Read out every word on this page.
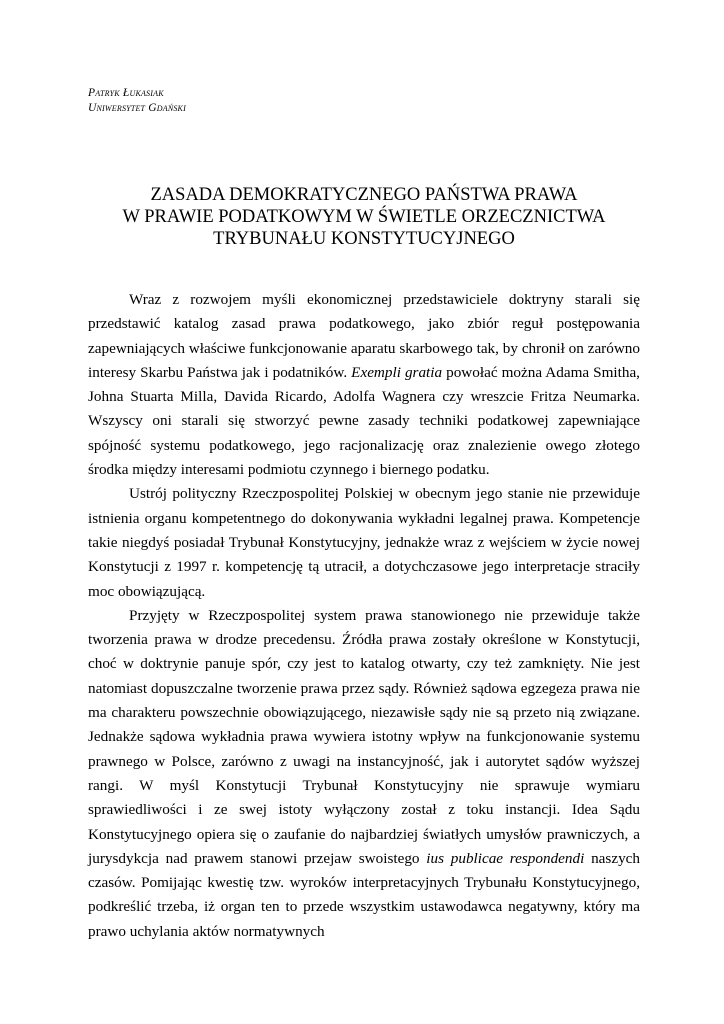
Patryk Łukasiak
Uniwersytet Gdański
ZASADA DEMOKRATYCZNEGO PAŃSTWA PRAWA
W PRAWIE PODATKOWYM W ŚWIETLE ORZECZNICTWA
TRYBUNAŁU KONSTYTUCYJNEGO

Wraz z rozwojem myśli ekonomicznej przedstawiciele doktryny starali się przedstawić katalog zasad prawa podatkowego, jako zbiór reguł postępowania zapewniających właściwe funkcjonowanie aparatu skarbowego tak, by chronił on zarówno interesy Skarbu Państwa jak i podatników. Exempli gratia powołać można Adama Smitha, Johna Stuarta Milla, Davida Ricardo, Adolfa Wagnera czy wreszcie Fritza Neumarka. Wszyscy oni starali się stworzyć pewne zasady techniki podatkowej zapewniające spójność systemu podatkowego, jego racjonalizację oraz znalezienie owego złotego środka między interesami podmiotu czynnego i biernego podatku.

Ustrój polityczny Rzeczpospolitej Polskiej w obecnym jego stanie nie przewiduje istnienia organu kompetentnego do dokonywania wykładni legalnej prawa. Kompetencje takie niegdyś posiadał Trybunał Konstytucyjny, jednakże wraz z wejściem w życie nowej Konstytucji z 1997 r. kompetencję tą utracił, a dotychczasowe jego interpretacje straciły moc obowiązującą.

Przyjęty w Rzeczpospolitej system prawa stanowionego nie przewiduje także tworzenia prawa w drodze precedensu. Źródła prawa zostały określone w Konstytucji, choć w doktrynie panuje spór, czy jest to katalog otwarty, czy też zamknięty. Nie jest natomiast dopuszczalne tworzenie prawa przez sądy. Również sądowa egzegeza prawa nie ma charakteru powszechnie obowiązującego, niezawisłe sądy nie są przeto nią związane. Jednakże sądowa wykładnia prawa wywiera istotny wpływ na funkcjonowanie systemu prawnego w Polsce, zarówno z uwagi na instancyjność, jak i autorytet sądów wyższej rangi. W myśl Konstytucji Trybunał Konstytucyjny nie sprawuje wymiaru sprawiedliwości i ze swej istoty wyłączony został z toku instancji. Idea Sądu Konstytucyjnego opiera się o zaufanie do najbardziej światłych umysłów prawniczych, a jurysdykcja nad prawem stanowi przejaw swoistego ius publicae respondendi naszych czasów. Pomijając kwestię tzw. wyroków interpretacyjnych Trybunału Konstytucyjnego, podkreślić trzeba, iż organ ten to przede wszystkim ustawodawca negatywny, który ma prawo uchylania aktów normatywnych
